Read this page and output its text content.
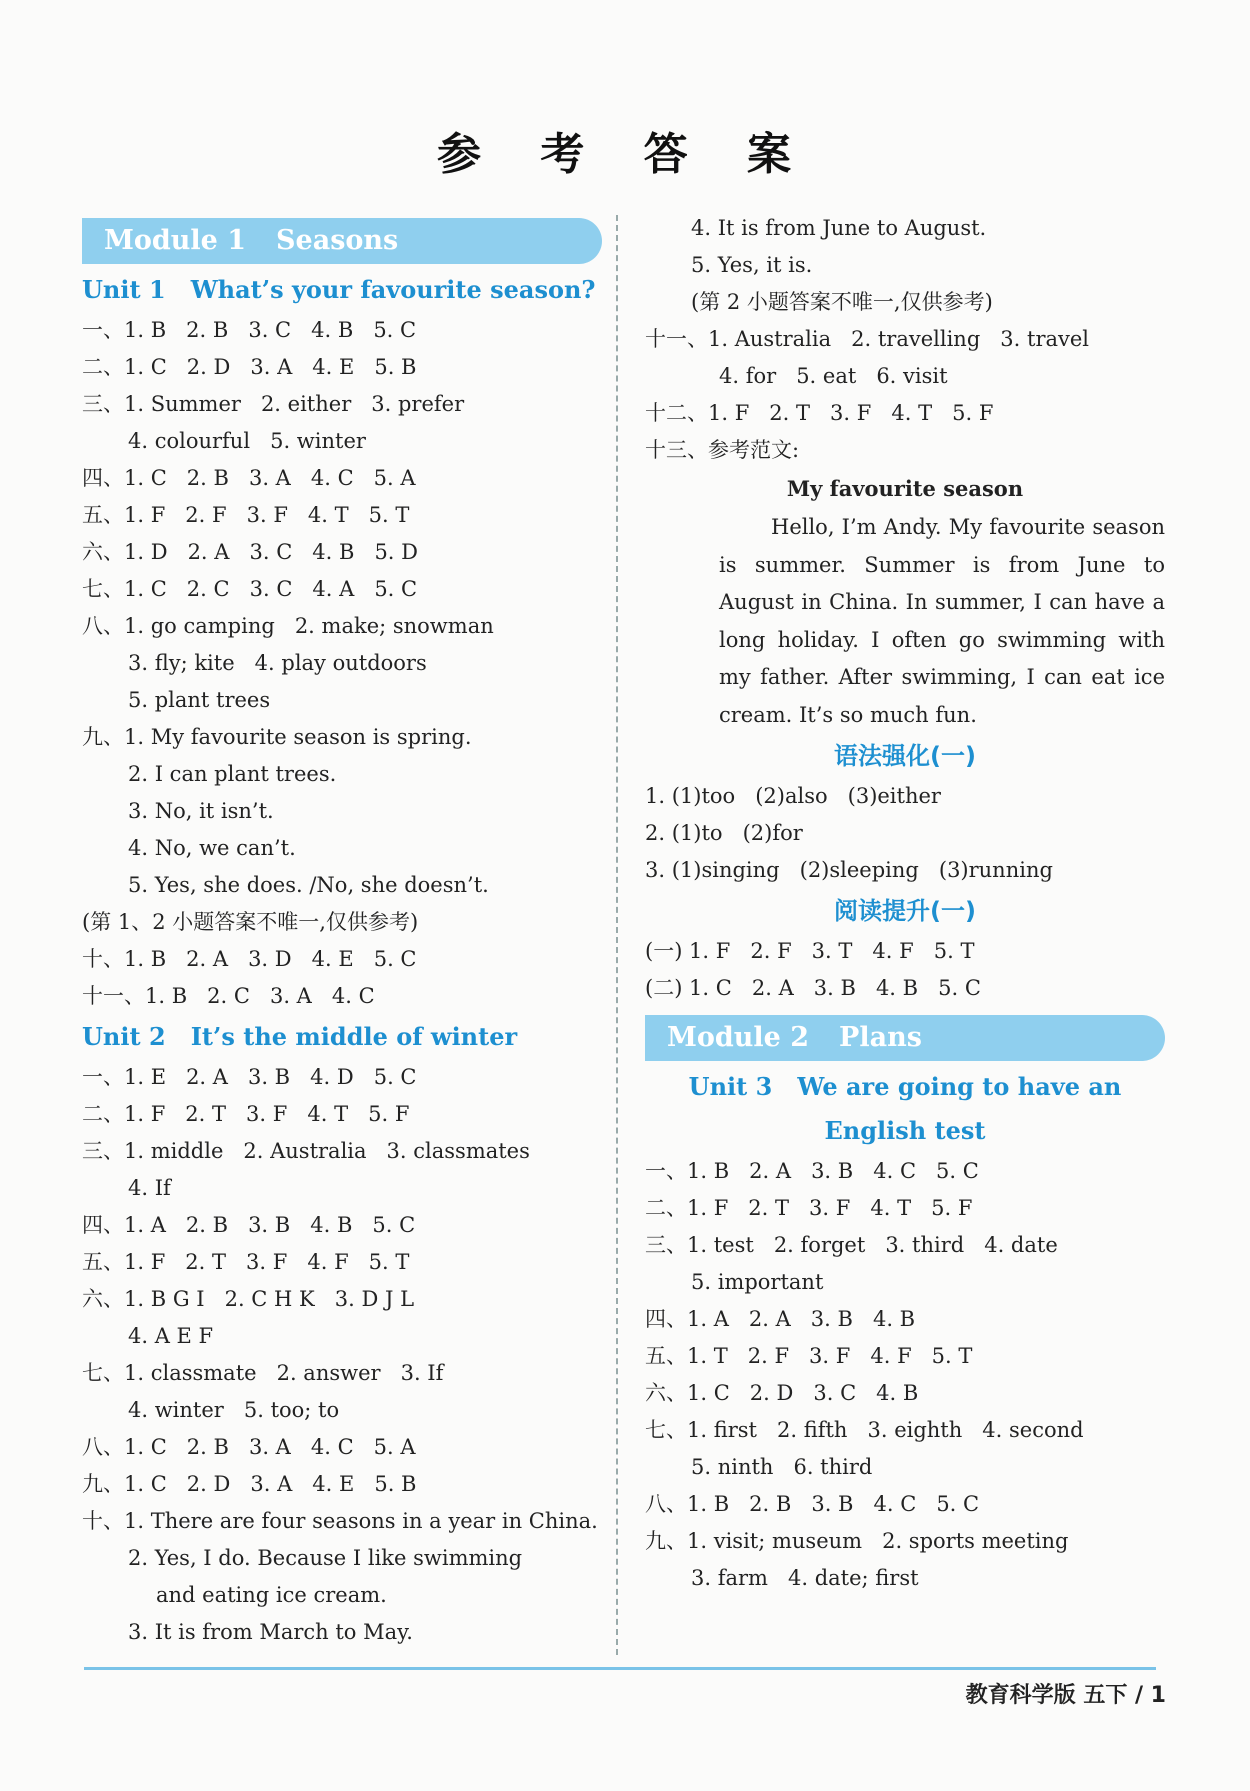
参 考 答 案
Module 1 Seasons
Unit 1   What’s your favourite season?
一、1. B   2. B   3. C   4. B   5. C
二、1. C   2. D   3. A   4. E   5. B
三、1. Summer   2. either   3. prefer
4. colourful   5. winter
四、1. C   2. B   3. A   4. C   5. A
五、1. F   2. F   3. F   4. T   5. T
六、1. D   2. A   3. C   4. B   5. D
七、1. C   2. C   3. C   4. A   5. C
八、1. go camping   2. make; snowman
3. fly; kite   4. play outdoors
5. plant trees
九、1. My favourite season is spring.
2. I can plant trees.
3. No, it isn’t.
4. No, we can’t.
5. Yes, she does. /No, she doesn’t.
(第 1、2 小题答案不唯一,仅供参考)
十、1. B   2. A   3. D   4. E   5. C
十一、1. B   2. C   3. A   4. C
Unit 2   It’s the middle of winter
一、1. E   2. A   3. B   4. D   5. C
二、1. F   2. T   3. F   4. T   5. F
三、1. middle   2. Australia   3. classmates
4. If
四、1. A   2. B   3. B   4. B   5. C
五、1. F   2. T   3. F   4. F   5. T
六、1. B G I   2. C H K   3. D J L
4. A E F
七、1. classmate   2. answer   3. If
4. winter   5. too; to
八、1. C   2. B   3. A   4. C   5. A
九、1. C   2. D   3. A   4. E   5. B
十、1. There are four seasons in a year in China.
2. Yes, I do. Because I like swimming
and eating ice cream.
3. It is from March to May.
4. It is from June to August.
5. Yes, it is.
(第 2 小题答案不唯一,仅供参考)
十一、1. Australia   2. travelling   3. travel
4. for   5. eat   6. visit
十二、1. F   2. T   3. F   4. T   5. F
十三、参考范文:
My favourite season
Hello, I’m Andy. My favourite season is summer. Summer is from June to August in China. In summer, I can have a long holiday. I often go swimming with my father. After swimming, I can eat ice cream. It’s so much fun.
语法强化(一)
1. (1)too   (2)also   (3)either
2. (1)to   (2)for
3. (1)singing   (2)sleeping   (3)running
阅读提升(一)
(一) 1. F   2. F   3. T   4. F   5. T
(二) 1. C   2. A   3. B   4. B   5. C
Module 2 Plans
Unit 3   We are going to have an
English test
一、1. B   2. A   3. B   4. C   5. C
二、1. F   2. T   3. F   4. T   5. F
三、1. test   2. forget   3. third   4. date
5. important
四、1. A   2. A   3. B   4. B
五、1. T   2. F   3. F   4. F   5. T
六、1. C   2. D   3. C   4. B
七、1. first   2. fifth   3. eighth   4. second
5. ninth   6. third
八、1. B   2. B   3. B   4. C   5. C
九、1. visit; museum   2. sports meeting
3. farm   4. date; first
教育科学版 五下 / 1
